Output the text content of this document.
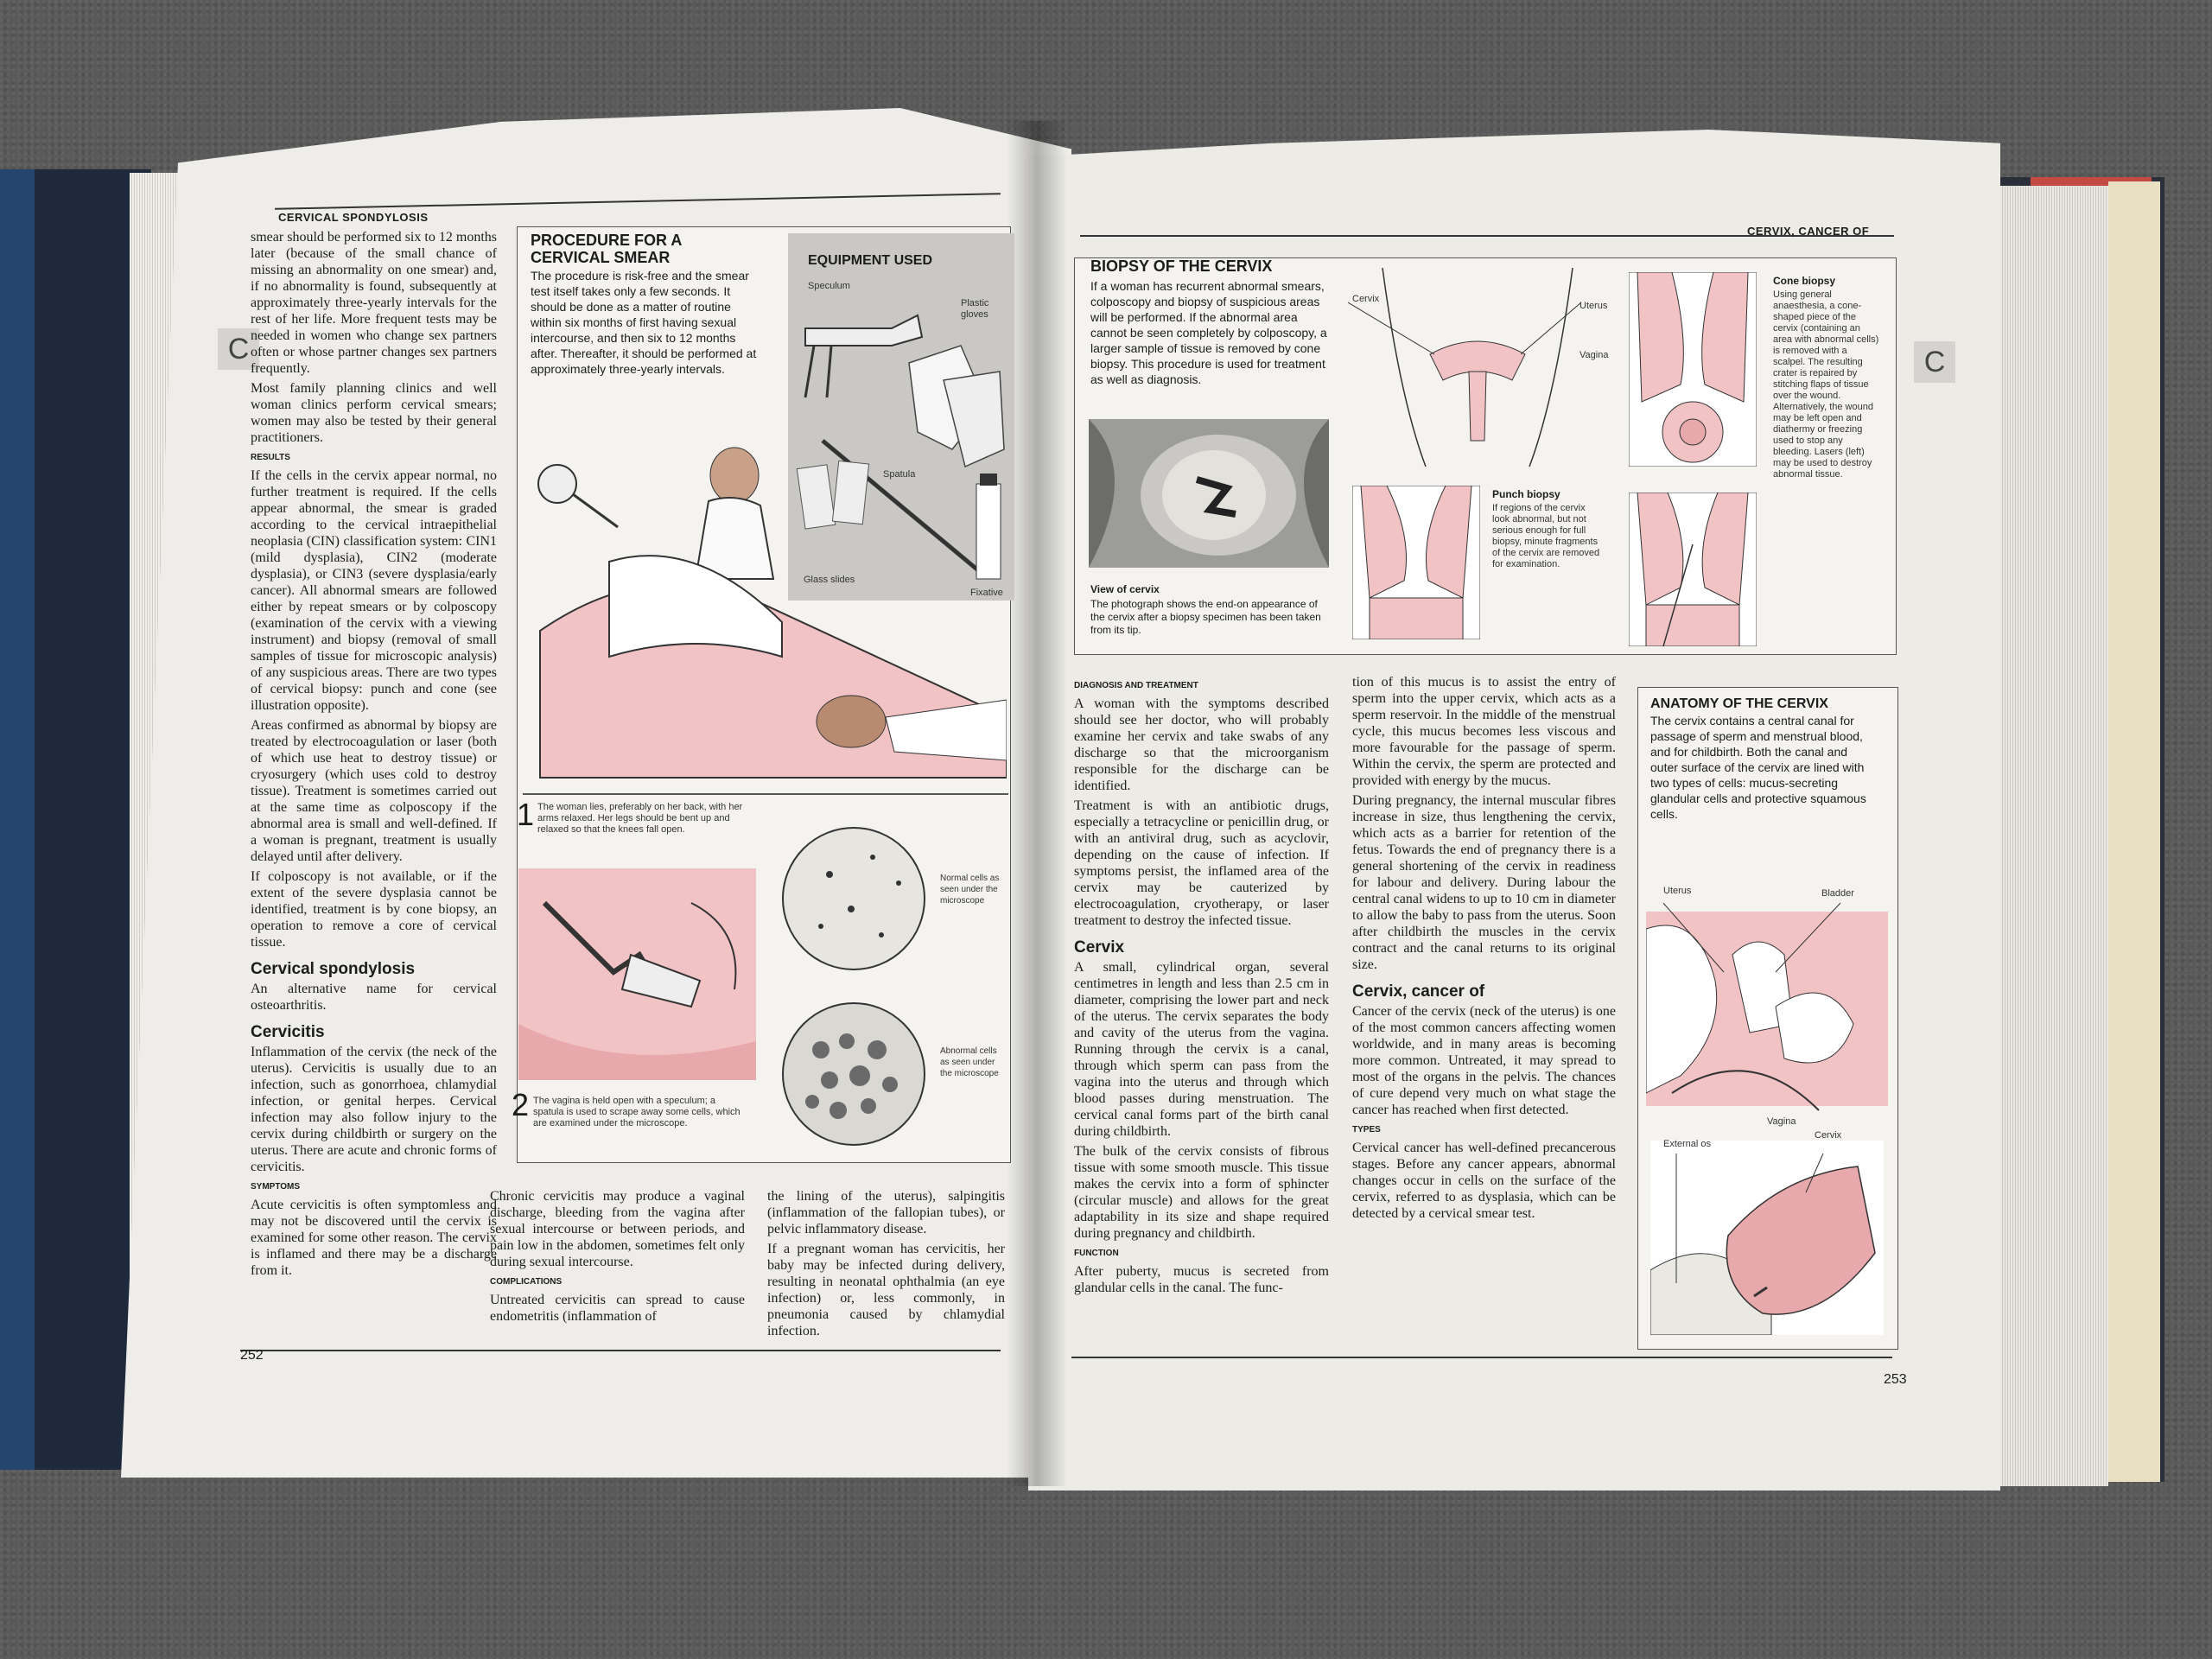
CERVICAL SPONDYLOSIS
C

smear should be performed six to 12 months later (because of the small chance of missing an abnormality on one smear) and, if no abnormality is found, subsequently at approximately three-yearly intervals for the rest of her life. More frequent tests may be needed in women who change sex partners often or whose partner changes sex partners frequently.

Most family planning clinics and well woman clinics perform cervical smears; women may also be tested by their general practitioners.

RESULTS

If the cells in the cervix appear normal, no further treatment is required. If the cells appear abnormal, the smear is graded according to the cervical intraepithelial neoplasia (CIN) classification system: CIN1 (mild dysplasia), CIN2 (moderate dysplasia), or CIN3 (severe dysplasia/early cancer). All abnormal smears are followed either by repeat smears or by colposcopy (examination of the cervix with a viewing instrument) and biopsy (removal of small samples of tissue for microscopic analysis) of any suspicious areas. There are two types of cervical biopsy: punch and cone (see illustration opposite).

Areas confirmed as abnormal by biopsy are treated by electrocoagulation or laser (both of which use heat to destroy tissue) or cryosurgery (which uses cold to destroy tissue). Treatment is sometimes carried out at the same time as colposcopy if the abnormal area is small and well-defined. If a woman is pregnant, treatment is usually delayed until after delivery.

If colposcopy is not available, or if the extent of the severe dysplasia cannot be identified, treatment is by cone biopsy, an operation to remove a core of cervical tissue.

Cervical spondylosis

An alternative name for cervical osteoarthritis.

Cervicitis

Inflammation of the cervix (the neck of the uterus). Cervicitis is usually due to an infection, such as gonorrhoea, chlamydial infection, or genital herpes. Cervical infection may also follow injury to the cervix during childbirth or surgery on the uterus. There are acute and chronic forms of cervicitis.

SYMPTOMS

Acute cervicitis is often symptomless and may not be discovered until the cervix is examined for some other reason. The cervix is inflamed and there may be a discharge from it.

PROCEDURE FOR A CERVICAL SMEAR
The procedure is risk-free and the smear test itself takes only a few seconds. It should be done as a matter of routine within six months of first having sexual intercourse, and then six to 12 months after. Thereafter, it should be performed at approximately three-yearly intervals.
EQUIPMENT USED
Speculum
Plastic gloves
Spatula
Glass slides
Fixative
1 The woman lies, preferably on her back, with her arms relaxed. Her legs should be bent up and relaxed so that the knees fall open.
2 The vagina is held open with a speculum; a spatula is used to scrape away some cells, which are examined under the microscope.
Normal cells as seen under the microscope
Abnormal cells as seen under the microscope

Chronic cervicitis may produce a vaginal discharge, bleeding from the vagina after sexual intercourse or between periods, and pain low in the abdomen, sometimes felt only during sexual intercourse.

COMPLICATIONS

Untreated cervicitis can spread to cause endometritis (inflammation of

the lining of the uterus), salpingitis (inflammation of the fallopian tubes), or pelvic inflammatory disease.

If a pregnant woman has cervicitis, her baby may be infected during delivery, resulting in neonatal ophthalmia (an eye infection) or, less commonly, in pneumonia caused by chlamydial infection.

252
CERVIX, CANCER OF
C
BIOPSY OF THE CERVIX
If a woman has recurrent abnormal smears, colposcopy and biopsy of suspicious areas will be performed. If the abnormal area cannot be seen completely by colposcopy, a larger sample of tissue is removed by cone biopsy. This procedure is used for treatment as well as diagnosis.
Cervix
Uterus
Vagina
View of cervix
The photograph shows the end-on appearance of the cervix after a biopsy specimen has been taken from its tip.
Punch biopsy
If regions of the cervix look abnormal, but not serious enough for full biopsy, minute fragments of the cervix are removed for examination.
Cone biopsy
Using general anaesthesia, a cone-shaped piece of the cervix (containing an area with abnormal cells) is removed with a scalpel. The resulting crater is repaired by stitching flaps of tissue over the wound. Alternatively, the wound may be left open and diathermy or freezing used to stop any bleeding. Lasers (left) may be used to destroy abnormal tissue.
DIAGNOSIS AND TREATMENT

A woman with the symptoms described should see her doctor, who will probably examine her cervix and take swabs of any discharge so that the microorganism responsible for the discharge can be identified.

Treatment is with an antibiotic drugs, especially a tetracycline or penicillin drug, or with an antiviral drug, such as acyclovir, depending on the cause of infection. If symptoms persist, the inflamed area of the cervix may be cauterized by electrocoagulation, cryotherapy, or laser treatment to destroy the infected tissue.

Cervix

A small, cylindrical organ, several centimetres in length and less than 2.5 cm in diameter, comprising the lower part and neck of the uterus. The cervix separates the body and cavity of the uterus from the vagina. Running through the cervix is a canal, through which sperm can pass from the vagina into the uterus and through which blood passes during menstruation. The cervical canal forms part of the birth canal during childbirth.

The bulk of the cervix consists of fibrous tissue with some smooth muscle. This tissue makes the cervix into a form of sphincter (circular muscle) and allows for the great adaptability in its size and shape required during pregnancy and childbirth.

FUNCTION

After puberty, mucus is secreted from glandular cells in the canal. The func-

tion of this mucus is to assist the entry of sperm into the upper cervix, which acts as a sperm reservoir. In the middle of the menstrual cycle, this mucus becomes less viscous and more favourable for the passage of sperm. Within the cervix, the sperm are protected and provided with energy by the mucus.

During pregnancy, the internal muscular fibres increase in size, thus lengthening the cervix, which acts as a barrier for retention of the fetus. Towards the end of pregnancy there is a general shortening of the cervix in readiness for labour and delivery. During labour the central canal widens to up to 10 cm in diameter to allow the baby to pass from the uterus. Soon after childbirth the muscles in the cervix contract and the canal returns to its original size.

Cervix, cancer of

Cancer of the cervix (neck of the uterus) is one of the most common cancers affecting women worldwide, and in many areas is becoming more common. Untreated, it may spread to most of the organs in the pelvis. The chances of cure depend very much on what stage the cancer has reached when first detected.

TYPES

Cervical cancer has well-defined precancerous stages. Before any cancer appears, abnormal changes occur in cells on the surface of the cervix, referred to as dysplasia, which can be detected by a cervical smear test.

ANATOMY OF THE CERVIX
The cervix contains a central canal for passage of sperm and menstrual blood, and for childbirth. Both the canal and outer surface of the cervix are lined with two types of cells: mucus-secreting glandular cells and protective squamous cells.
Uterus	Bladder
Vagina
External os
Cervix
253
